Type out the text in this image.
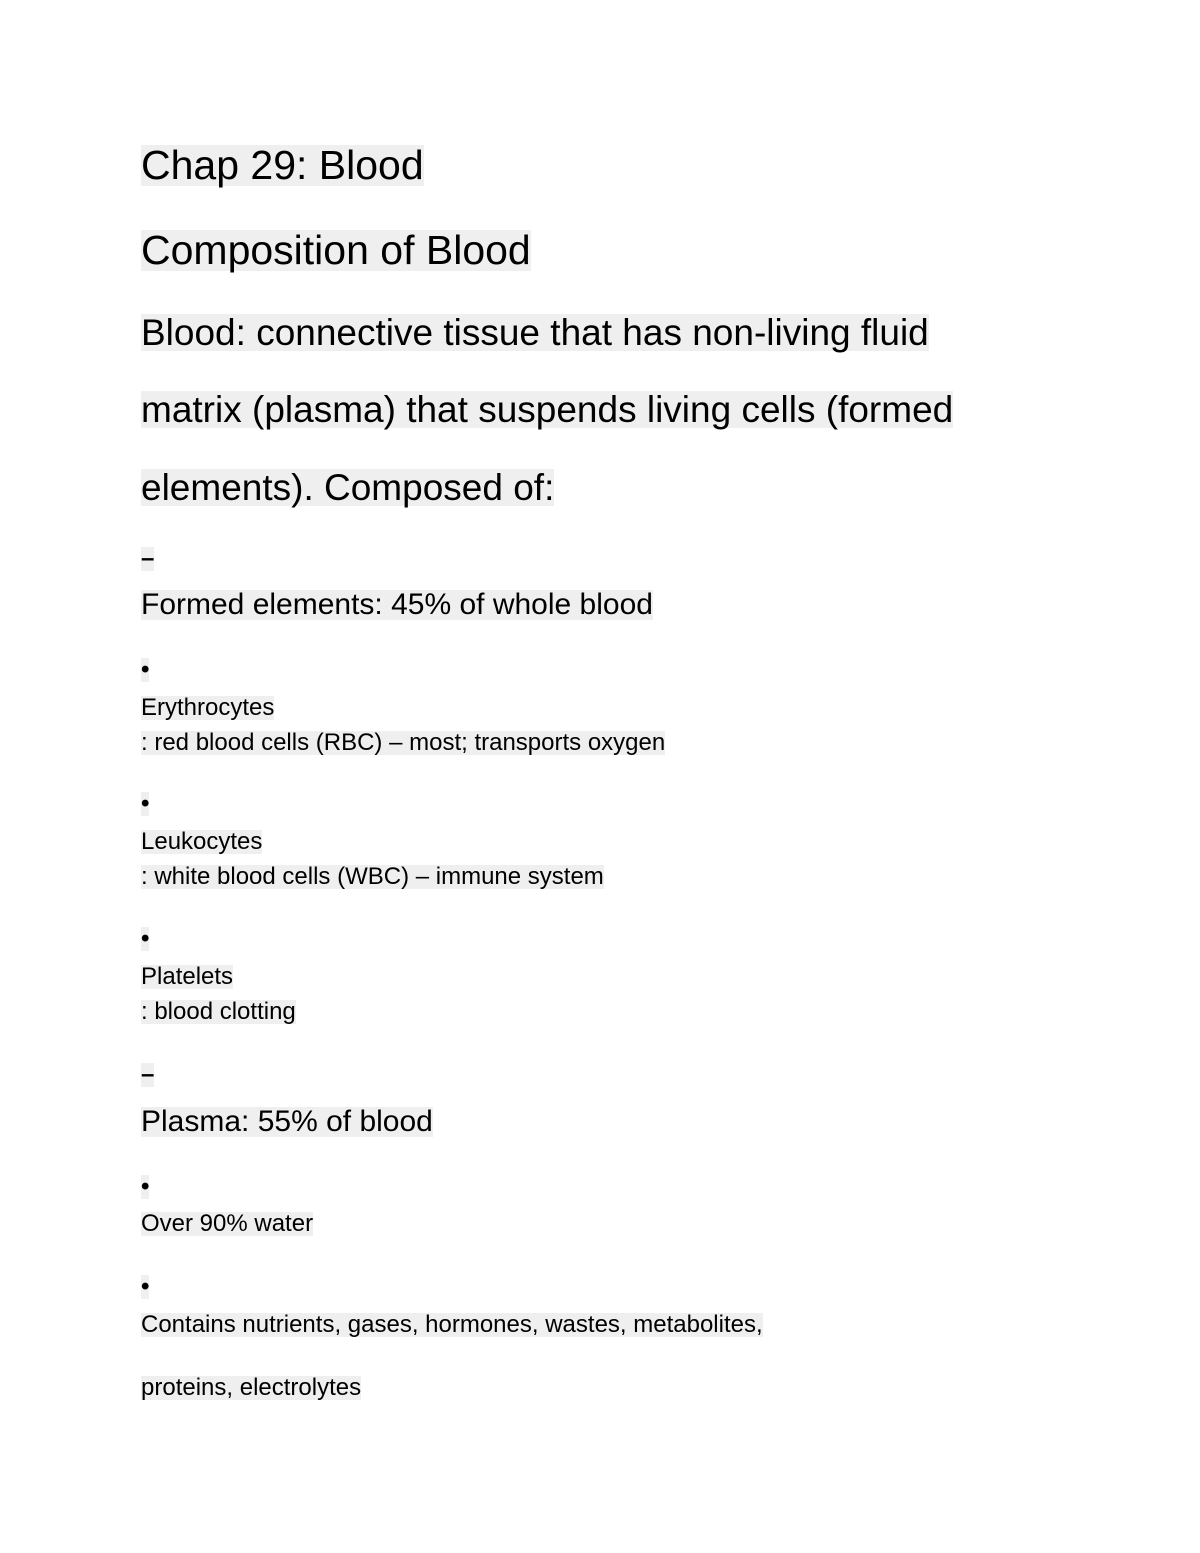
Chap 29: Blood
Composition of Blood
Blood: connective tissue that has non-living fluid
matrix (plasma) that suspends living cells (formed
elements). Composed of:
–
Formed elements: 45% of whole blood
•
Erythrocytes
: red blood cells (RBC) – most; transports oxygen
•
Leukocytes
: white blood cells (WBC) – immune system
•
Platelets
: blood clotting
–
Plasma: 55% of blood
•
Over 90% water
•
Contains nutrients, gases, hormones, wastes, metabolites,
proteins, electrolytes
